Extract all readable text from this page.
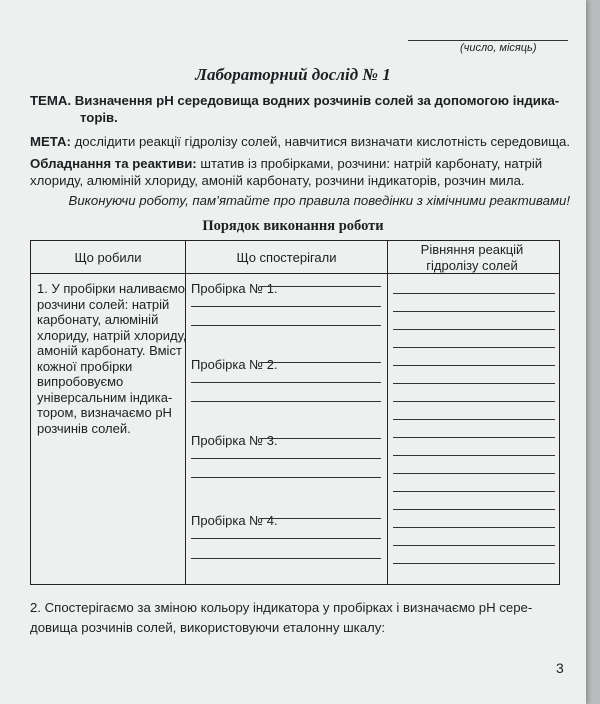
(число, місяць)
Лабораторний дослід № 1
ТЕМА. Визначення рН середовища водних розчинів солей за допомогою індика-
торів.
МЕТА: дослідити реакції гідролізу солей, навчитися визначати кислотність середовища.
Обладнання та реактиви: штатив із пробірками, розчини: натрій карбонату, натрій хлориду, алюміній хлориду, амоній карбонату, розчини індикаторів, розчин мила.
Виконуючи роботу, пам’ятайте про правила поведінки з хімічними реактивами!
Порядок виконання роботи
Що робили	Що спостерігали
Рівняння реакцій гідролізу солей
1. У пробірки наливаємо розчини солей: натрій карбонату, алюміній хлориду, натрій хлориду, амоній карбонату. Вміст кожної пробірки випробовуємо універсальним індикатором, визначаємо рН розчинів солей.
Пробірка № 1.
Пробірка № 2.
Пробірка № 3.
Пробірка № 4.
2. Спостерігаємо за зміною кольору індикатора у пробірках і визначаємо рН середовища розчинів солей, використовуючи еталонну шкалу:
3
